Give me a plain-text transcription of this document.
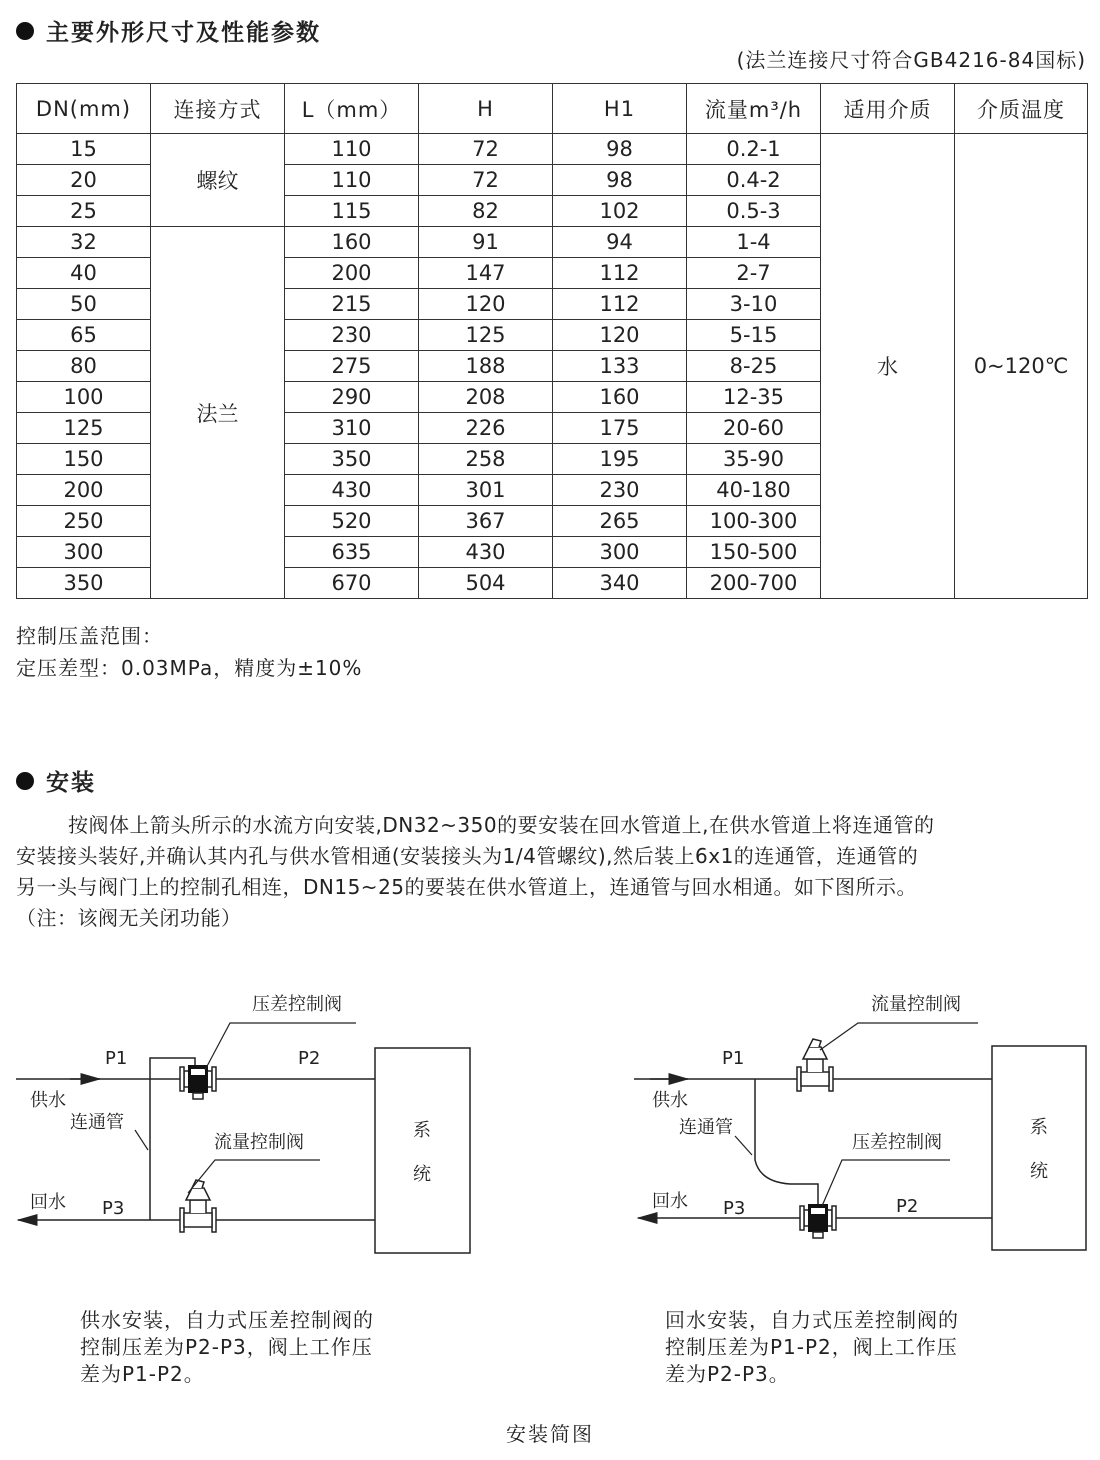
主要外形尺寸及性能参数
(法兰连接尺寸符合GB4216-84国标)
DN(mm)	连接方式	L（mm）	H	H1	流量m³/h	适用介质	介质温度
15	螺纹	110	72	98	0.2-1	水	0~120℃
20		110	72	98	0.4-2		
25		115	82	102	0.5-3		
32	法兰	160	91	94	1-4		
40		200	147	112	2-7		
50		215	120	112	3-10		
65		230	125	120	5-15		
80		275	188	133	8-25		
100		290	208	160	12-35		
125		310	226	175	20-60		
150		350	258	195	35-90		
200		430	301	230	40-180		
250		520	367	265	100-300		
300		635	430	300	150-500		
350		670	504	340	200-700		
控制压盖范围：
定压差型：0.03MPa，精度为±10%
安装

按阀体上箭头所示的水流方向安装,DN32~350的要安装在回水管道上,在供水管道上将连通管的

安装接头装好,并确认其内孔与供水管相通(安装接头为1/4管螺纹),然后装上6x1的连通管，连通管的

另一头与阀门上的控制孔相连，DN15~25的要装在供水管道上，连通管与回水相通。如下图所示。

（注：该阀无关闭功能）

压差控制阀
流量控制阀
P1	P2
P3
供水
连通管
回水
系
统
流量控制阀
压差控制阀
P1
P2
P3
供水
连通管
回水
系
统
供水安装，自力式压差控制阀的
控制压差为P2-P3，阀上工作压
差为P1-P2。
回水安装，自力式压差控制阀的
控制压差为P1-P2，阀上工作压
差为P2-P3。
安装简图
